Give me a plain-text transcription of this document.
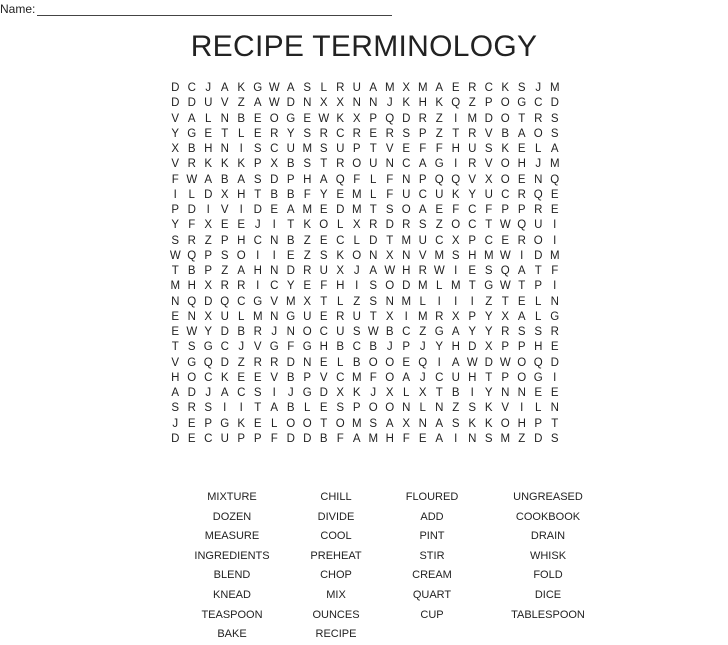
Name:
RECIPE TERMINOLOGY
D C J A K G W A S L R U A M X M A E R C K S J M
D D U V Z A W D N X X N N J K H K Q Z P O G C D
V A L N B E O G E W K X P Q D R Z I M D O T R S
Y G E T L E R Y S R C R E R S P Z T R V B A O S
X B H N I S C U M S U P T V E F F H U S K E L A
V R K K K P X B S T R O U N C A G I R V O H J M
F W A B A S D P H A Q F L F N P Q Q V X O E N Q
I	L D X H T B B F Y E M L F U C U K Y U C R Q E
P D I V I D E A M E D M T S O A E F C F P P R E
Y F X E E J	I T K O L X R D R S Z O C T W Q U I
S R Z P H C N B Z E C L D T M U C X P C E R O I
W Q P S O I	I E Z S K O N X N V M S H M W I D M
T B P Z A H N D R U X J A W H R W I E S Q A T F
M H X R R I C Y E F H I S O D M L M T G W T P I
N Q D Q C G V M X T L Z S N M L	I	I	I Z T E L N
E N X U L M N G U E R U T X I M R X P Y X A L G
E W Y D B R J N O C U S W B C Z G A Y Y R S S R
T S G C J V G F G H B C B J P J Y H D X P P H E
V G Q D Z R R D N E L B O O E Q I A W D W O Q D
H O C K E E V B P V C M F O A J C U H T P O G I
A D J A C S I	J G D X K J X L X T B I Y N N E E
S R S I	I T A B L E S P O O N L N Z S K V I	L N
J E P G K E L O O T O M S A X N A S K K O H P T
D E C U P P F D D B F A M H F E A I N S M Z D S
MIXTURE	CHILL	FLOURED	UNGREASED
DOZEN	DIVIDE	ADD	COOKBOOK
MEASURE	COOL	PINT	DRAIN
INGREDIENTS	PREHEAT	STIR	WHISK
BLEND	CHOP	CREAM	FOLD
KNEAD	MIX	QUART	DICE
TEASPOON	OUNCES	CUP	TABLESPOON
BAKE	RECIPE
